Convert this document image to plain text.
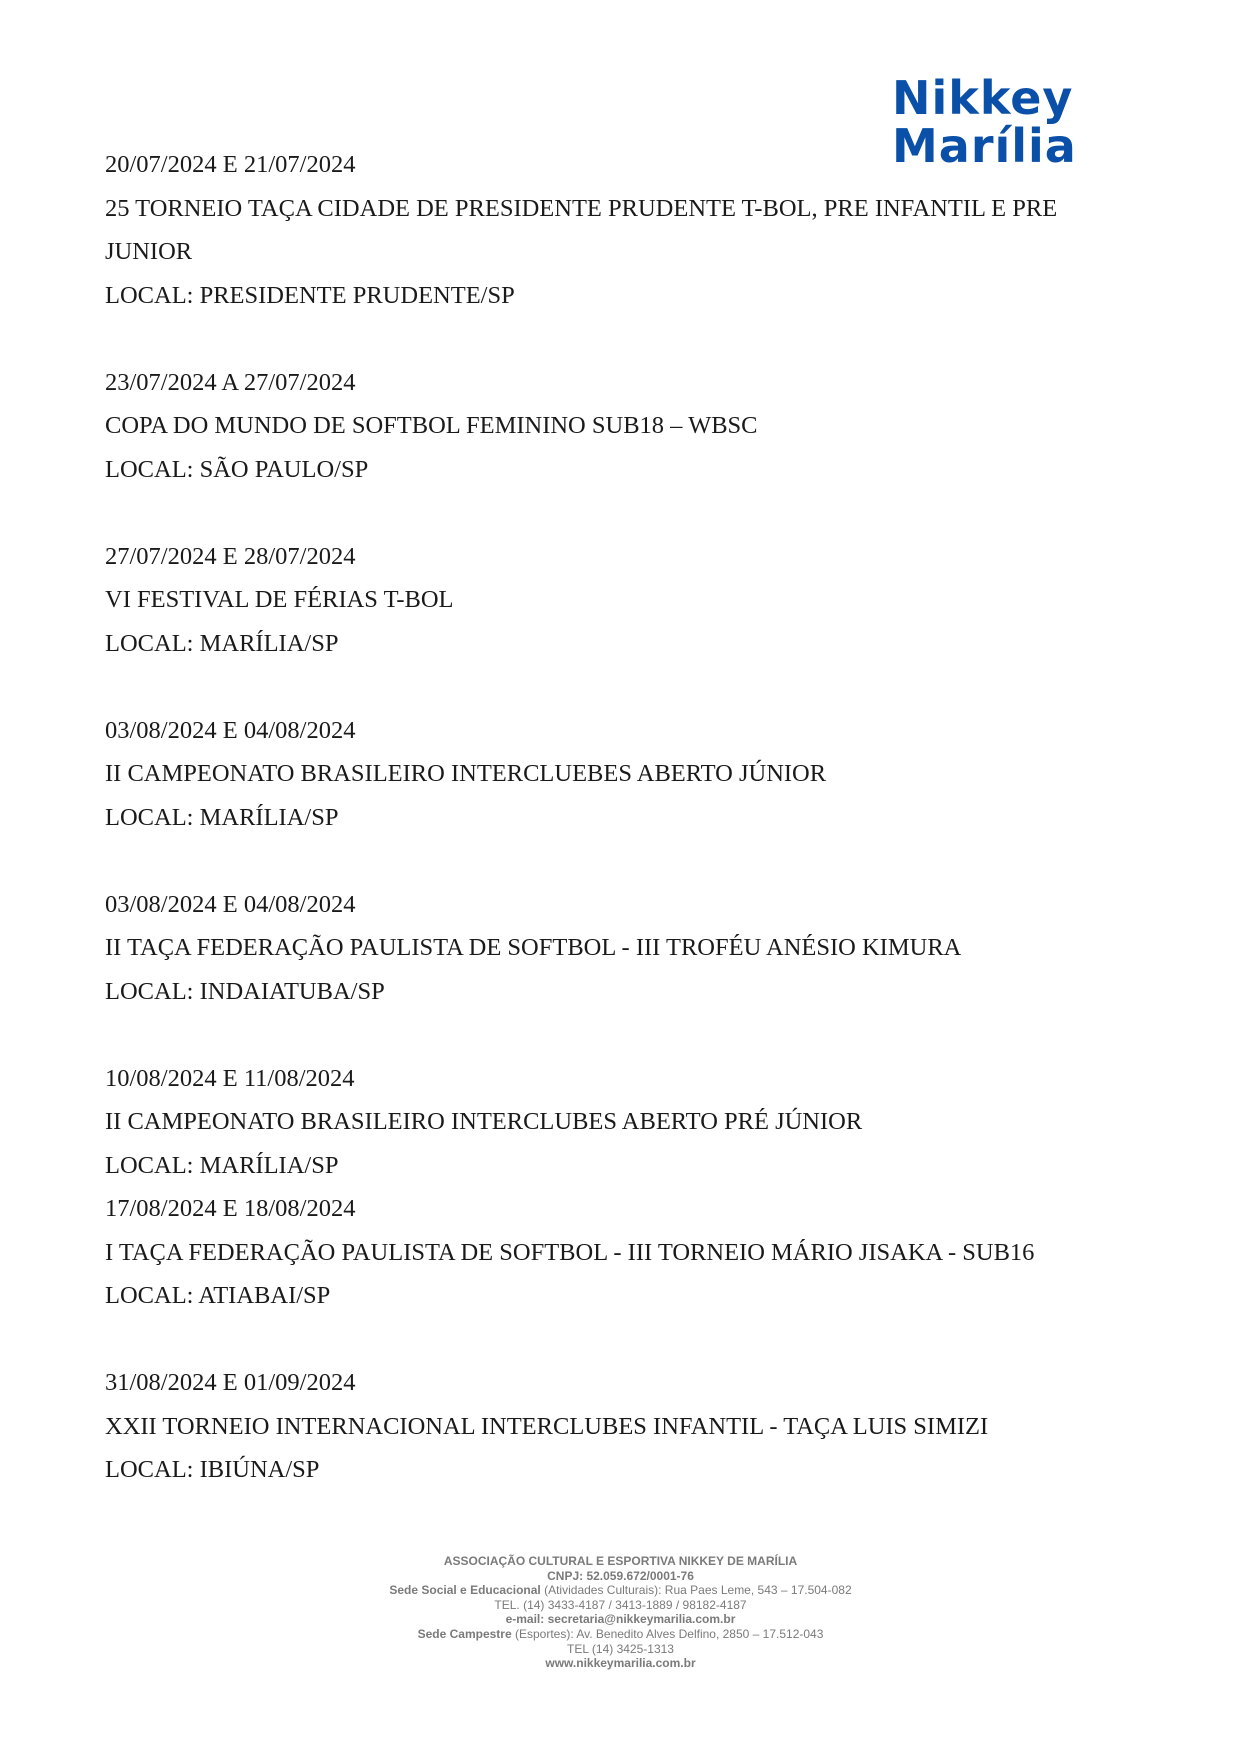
Nikkey
Marília
20/07/2024 E 21/07/2024
25 TORNEIO TAÇA CIDADE DE PRESIDENTE PRUDENTE T-BOL, PRE INFANTIL E PRE JUNIOR
LOCAL: PRESIDENTE PRUDENTE/SP
23/07/2024 A 27/07/2024
COPA DO MUNDO DE SOFTBOL FEMININO SUB18 – WBSC
LOCAL: SÃO PAULO/SP
27/07/2024 E 28/07/2024
VI FESTIVAL DE FÉRIAS T-BOL
LOCAL: MARÍLIA/SP
03/08/2024 E 04/08/2024
II CAMPEONATO BRASILEIRO INTERCLUEBES ABERTO JÚNIOR
LOCAL: MARÍLIA/SP
03/08/2024 E 04/08/2024
II TAÇA FEDERAÇÃO PAULISTA DE SOFTBOL - III TROFÉU ANÉSIO KIMURA
LOCAL: INDAIATUBA/SP
10/08/2024 E 11/08/2024
II CAMPEONATO BRASILEIRO INTERCLUBES ABERTO PRÉ JÚNIOR
LOCAL: MARÍLIA/SP
17/08/2024 E 18/08/2024
I TAÇA FEDERAÇÃO PAULISTA DE SOFTBOL - III TORNEIO MÁRIO JISAKA - SUB16
LOCAL: ATIABAI/SP
31/08/2024 E 01/09/2024
XXII TORNEIO INTERNACIONAL INTERCLUBES INFANTIL - TAÇA LUIS SIMIZI
LOCAL: IBIÚNA/SP
ASSOCIAÇÃO CULTURAL E ESPORTIVA NIKKEY DE MARÍLIA
CNPJ: 52.059.672/0001-76
Sede Social e Educacional (Atividades Culturais): Rua Paes Leme, 543 – 17.504-082
TEL. (14) 3433-4187 / 3413-1889 / 98182-4187
e-mail: secretaria@nikkeymarilia.com.br
Sede Campestre (Esportes): Av. Benedito Alves Delfino, 2850 – 17.512-043
TEL (14) 3425-1313
www.nikkeymarilia.com.br
